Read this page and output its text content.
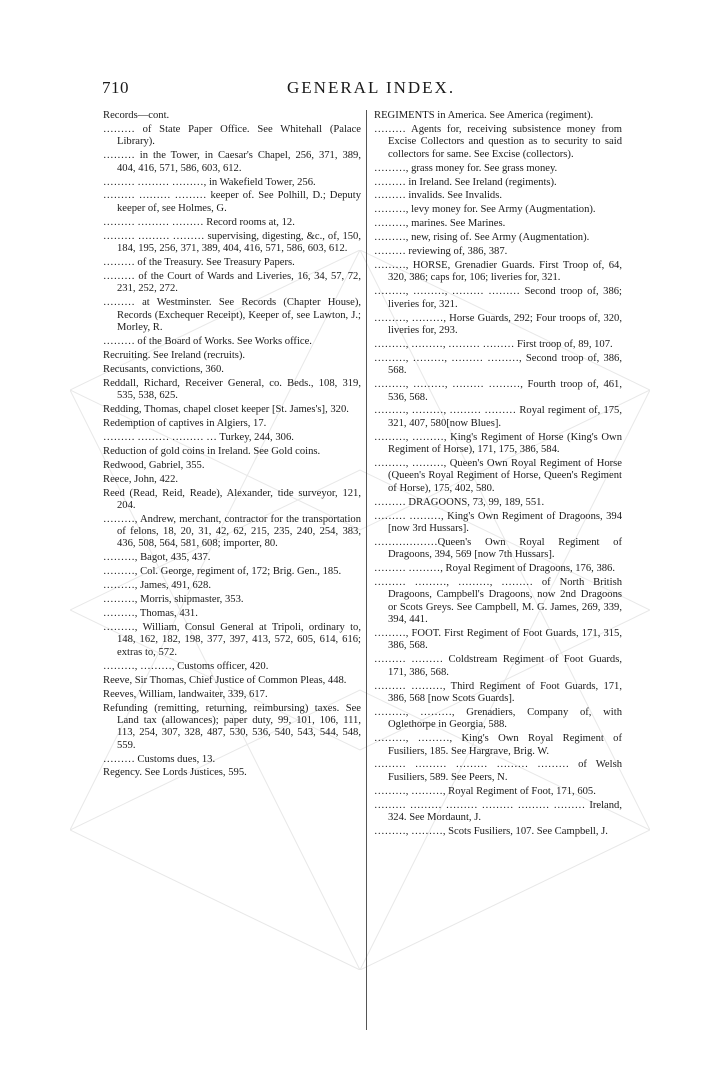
710	GENERAL INDEX.

Records—cont.

……… of State Paper Office. See Whitehall (Palace Library).

……… in the Tower, in Caesar's Chapel, 256, 371, 389, 404, 416, 571, 586, 603, 612.

……… ……… ………, in Wakefield Tower, 256.

……… ……… ……… keeper of. See Polhill, D.; Deputy keeper of, see Holmes, G.

……… ……… ……… Record rooms at, 12.

……… ……… ……… supervising, digesting, &c., of, 150, 184, 195, 256, 371, 389, 404, 416, 571, 586, 603, 612.

……… of the Treasury. See Treasury Papers.

……… of the Court of Wards and Liveries, 16, 34, 57, 72, 231, 252, 272.

……… at Westminster. See Records (Chapter House), Records (Exchequer Receipt), Keeper of, see Lawton, J.; Morley, R.

……… of the Board of Works. See Works office.

Recruiting. See Ireland (recruits).

Recusants, convictions, 360.

Reddall, Richard, Receiver General, co. Beds., 108, 319, 535, 538, 625.

Redding, Thomas, chapel closet keeper [St. James's], 320.

Redemption of captives in Algiers, 17.

……… ……… ……… … Turkey, 244, 306.

Reduction of gold coins in Ireland. See Gold coins.

Redwood, Gabriel, 355.

Reece, John, 422.

Reed (Read, Reid, Reade), Alexander, tide surveyor, 121, 204.

………, Andrew, merchant, contractor for the transportation of felons, 18, 20, 31, 42, 62, 215, 235, 240, 254, 383, 436, 508, 564, 581, 608; importer, 80.

………, Bagot, 435, 437.

………, Col. George, regiment of, 172; Brig. Gen., 185.

………, James, 491, 628.

………, Morris, shipmaster, 353.

………, Thomas, 431.

………, William, Consul General at Tripoli, ordinary to, 148, 162, 182, 198, 377, 397, 413, 572, 605, 614, 616; extras to, 572.

………, ………, Customs officer, 420.

Reeve, Sir Thomas, Chief Justice of Common Pleas, 448.

Reeves, William, landwaiter, 339, 617.

Refunding (remitting, returning, reimbursing) taxes. See Land tax (allowances); paper duty, 99, 101, 106, 111, 113, 254, 307, 328, 487, 530, 536, 540, 543, 544, 548, 559.

……… Customs dues, 13.

Regency. See Lords Justices, 595.

REGIMENTS in America. See America (regiment).

……… Agents for, receiving subsistence money from Excise Collectors and question as to security to said collectors for same. See Excise (collectors).

………, grass money for. See grass money.

……… in Ireland. See Ireland (regiments).

……… invalids. See Invalids.

………, levy money for. See Army (Augmentation).

………, marines. See Marines.

………, new, rising of. See Army (Augmentation).

……… reviewing of, 386, 387.

………, HORSE, Grenadier Guards. First Troop of, 64, 320, 386; caps for, 106; liveries for, 321.

………, ………, ……… ……… Second troop of, 386; liveries for, 321.

………, ………, Horse Guards, 292; Four troops of, 320, liveries for, 293.

………, ………, ……… ……… First troop of, 89, 107.

………, ………, ……… ………, Second troop of, 386, 568.

………, ………, ……… ………, Fourth troop of, 461, 536, 568.

………, ………, ……… ……… Royal regiment of, 175, 321, 407, 580[now Blues].

………, ………, King's Regiment of Horse (King's Own Regiment of Horse), 171, 175, 386, 584.

………, ………, Queen's Own Royal Regiment of Horse (Queen's Royal Regiment of Horse, Queen's Regiment of Horse), 175, 402, 580.

……… DRAGOONS, 73, 99, 189, 551.

……… ………, King's Own Regiment of Dragoons, 394 [now 3rd Hussars].

………………Queen's Own Royal Regiment of Dragoons, 394, 569 [now 7th Hussars].

……… ………, Royal Regiment of Dragoons, 176, 386.

……… ………, ………, ……… of North British Dragoons, Campbell's Dragoons, now 2nd Dragoons or Scots Greys. See Campbell, M. G. James, 269, 339, 394, 441.

………, FOOT. First Regiment of Foot Guards, 171, 315, 386, 568.

……… ……… Coldstream Regiment of Foot Guards, 171, 386, 568.

……… ………, Third Regiment of Foot Guards, 171, 386, 568 [now Scots Guards].

………, ………, Grenadiers, Company of, with Oglethorpe in Georgia, 588.

………, ………, King's Own Royal Regiment of Fusiliers, 185. See Hargrave, Brig. W.

……… ……… ……… ……… ……… of Welsh Fusiliers, 589. See Peers, N.

………, ………, Royal Regiment of Foot, 171, 605.

……… ……… ……… ……… ……… ……… Ireland, 324. See Mordaunt, J.

………, ………, Scots Fusiliers, 107. See Campbell, J.
